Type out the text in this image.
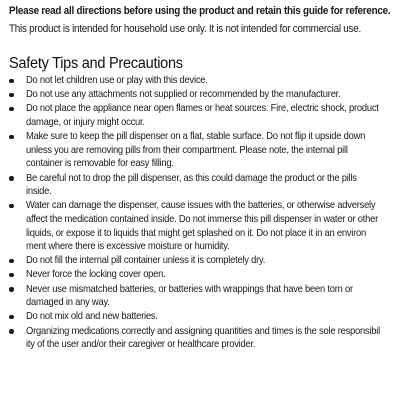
Please read all directions before using the product and retain this guide for reference.
This product is intended for household use only. It is not intended for commercial use.
Safety Tips and Precautions
Do not let children use or play with this device.
Do not use any attachments not supplied or recommended by the manufacturer.
Do not place the appliance near open flames or heat sources. Fire, electric shock, product
damage, or injury might occur.
Make sure to keep the pill dispenser on a flat, stable surface. Do not flip it upside down
unless you are removing pills from their compartment. Please note, the internal pill
container is removable for easy filling.
Be careful not to drop the pill dispenser, as this could damage the product or the pills
inside.
Water can damage the dispenser, cause issues with the batteries, or otherwise adversely
affect the medication contained inside. Do not immerse this pill dispenser in water or other
liquids, or expose it to liquids that might get splashed on it. Do not place it in an environ
ment where there is excessive moisture or humidity.
Do not fill the internal pill container unless it is completely dry.
Never force the locking cover open.
Never use mismatched batteries, or batteries with wrappings that have been torn or
damaged in any way.
Do not mix old and new batteries.
Organizing medications correctly and assigning quantities and times is the sole responsibil
ity of the user and/or their caregiver or healthcare provider.
